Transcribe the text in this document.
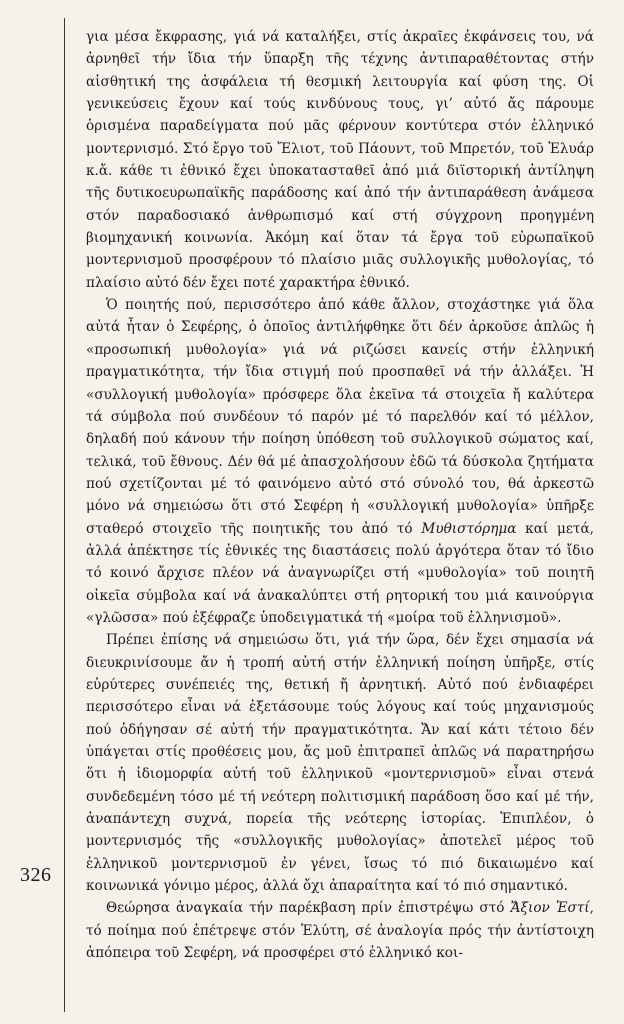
για μέσα ἔκφρασης, γιά νά καταλήξει, στίς ἀκραῖες ἐκφάνσεις του, νά ἀρνηθεῖ τήν ἴδια τήν ὕπαρξη τῆς τέχνης ἀντιπαραθέτοντας στήν αἰσθητική της ἀσφάλεια τή θεσμική λειτουργία καί φύση της. Οἱ γενικεύσεις ἔχουν καί τούς κινδύνους τους, γι’ αὐτό ἄς πάρουμε ὁρισμένα παραδείγματα πού μᾶς φέρνουν κοντύτερα στόν ἑλληνικό μοντερνισμό. Στό ἔργο τοῦ Ἔλιοτ, τοῦ Πάουντ, τοῦ Μπρετόν, τοῦ Ἐλυάρ κ.ἄ. κάθε τι ἐθνικό ἔχει ὑποκατασταθεῖ ἀπό μιά διϊστορική ἀντίληψη τῆς δυτικοευρωπαϊκῆς παράδοσης καί ἀπό τήν ἀντιπαράθεση ἀνάμεσα στόν παραδοσιακό ἀνθρωπισμό καί στή σύγχρονη προηγμένη βιομηχανική κοινωνία. Ἀκόμη καί ὅταν τά ἔργα τοῦ εὐρωπαϊκοῦ μοντερνισμοῦ προσφέρουν τό πλαίσιο μιᾶς συλλογικῆς μυθολογίας, τό πλαίσιο αὐτό δέν ἔχει ποτέ χαρακτήρα ἐθνικό.

Ὁ ποιητής πού, περισσότερο ἀπό κάθε ἄλλον, στοχάστηκε γιά ὅλα αὐτά ἦταν ὁ Σεφέρης, ὁ ὁποῖος ἀντιλήφθηκε ὅτι δέν ἀρκοῦσε ἁπλῶς ἡ «προσωπική μυθολογία» γιά νά ριζώσει κανείς στήν ἑλληνική πραγματικότητα, τήν ἴδια στιγμή πού προσπαθεῖ νά τήν ἀλλάξει. Ἡ «συλλογική μυθολογία» πρόσφερε ὅλα ἐκεῖνα τά στοιχεῖα ἤ καλύτερα τά σύμβολα πού συνδέουν τό παρόν μέ τό παρελθόν καί τό μέλλον, δηλαδή πού κάνουν τήν ποίηση ὑπόθεση τοῦ συλλογικοῦ σώματος καί, τελικά, τοῦ ἔθνους. Δέν θά μέ ἀπασχολήσουν ἐδῶ τά δύσκολα ζητήματα πού σχετίζονται μέ τό φαινόμενο αὐτό στό σύνολό του, θά ἀρκεστῶ μόνο νά σημειώσω ὅτι στό Σεφέρη ἡ «συλλογική μυθολογία» ὑπῆρξε σταθερό στοιχεῖο τῆς ποιητικῆς του ἀπό τό Μυθιστόρημα καί μετά, ἀλλά ἀπέκτησε τίς ἐθνικές της διαστάσεις πολύ ἀργότερα ὅταν τό ἴδιο τό κοινό ἄρχισε πλέον νά ἀναγνωρίζει στή «μυθολογία» τοῦ ποιητῆ οἰκεῖα σύμβολα καί νά ἀνακαλύπτει στή ρητορική του μιά καινούργια «γλῶσσα» πού ἐξέφραζε ὑποδειγματικά τή «μοίρα τοῦ ἑλληνισμοῦ».

Πρέπει ἐπίσης νά σημειώσω ὅτι, γιά τήν ὥρα, δέν ἔχει σημασία νά διευκρινίσουμε ἄν ἡ τροπή αὐτή στήν ἑλληνική ποίηση ὑπῆρξε, στίς εὐρύτερες συνέπειές της, θετική ἤ ἀρνητική. Αὐτό πού ἐνδιαφέρει περισσότερο εἶναι νά ἐξετάσουμε τούς λόγους καί τούς μηχανισμούς πού ὁδήγησαν σέ αὐτή τήν πραγματικότητα. Ἄν καί κάτι τέτοιο δέν ὑπάγεται στίς προθέσεις μου, ἄς μοῦ ἐπιτραπεῖ ἁπλῶς νά παρατηρήσω ὅτι ἡ ἰδιομορφία αὐτή τοῦ ἑλληνικοῦ «μοντερνισμοῦ» εἶναι στενά συνδεδεμένη τόσο μέ τή νεότερη πολιτισμική παράδοση ὅσο καί μέ τήν, ἀναπάντεχη συχνά, πορεία τῆς νεότερης ἱστορίας. Ἐπιπλέον, ὁ μοντερνισμός τῆς «συλλογικῆς μυθολογίας» ἀποτελεῖ μέρος τοῦ ἑλληνικοῦ μοντερνισμοῦ ἐν γένει, ἴσως τό πιό δικαιωμένο καί κοινωνικά γόνιμο μέρος, ἀλλά ὄχι ἀπαραίτητα καί τό πιό σημαντικό.

Θεώρησα ἀναγκαία τήν παρέκβαση πρίν ἐπιστρέψω στό Ἄξιον Ἐστί, τό ποίημα πού ἐπέτρεψε στόν Ἐλύτη, σέ ἀναλογία πρός τήν ἀντίστοιχη ἀπόπειρα τοῦ Σεφέρη, νά προσφέρει στό ἑλληνικό κοι-

326
